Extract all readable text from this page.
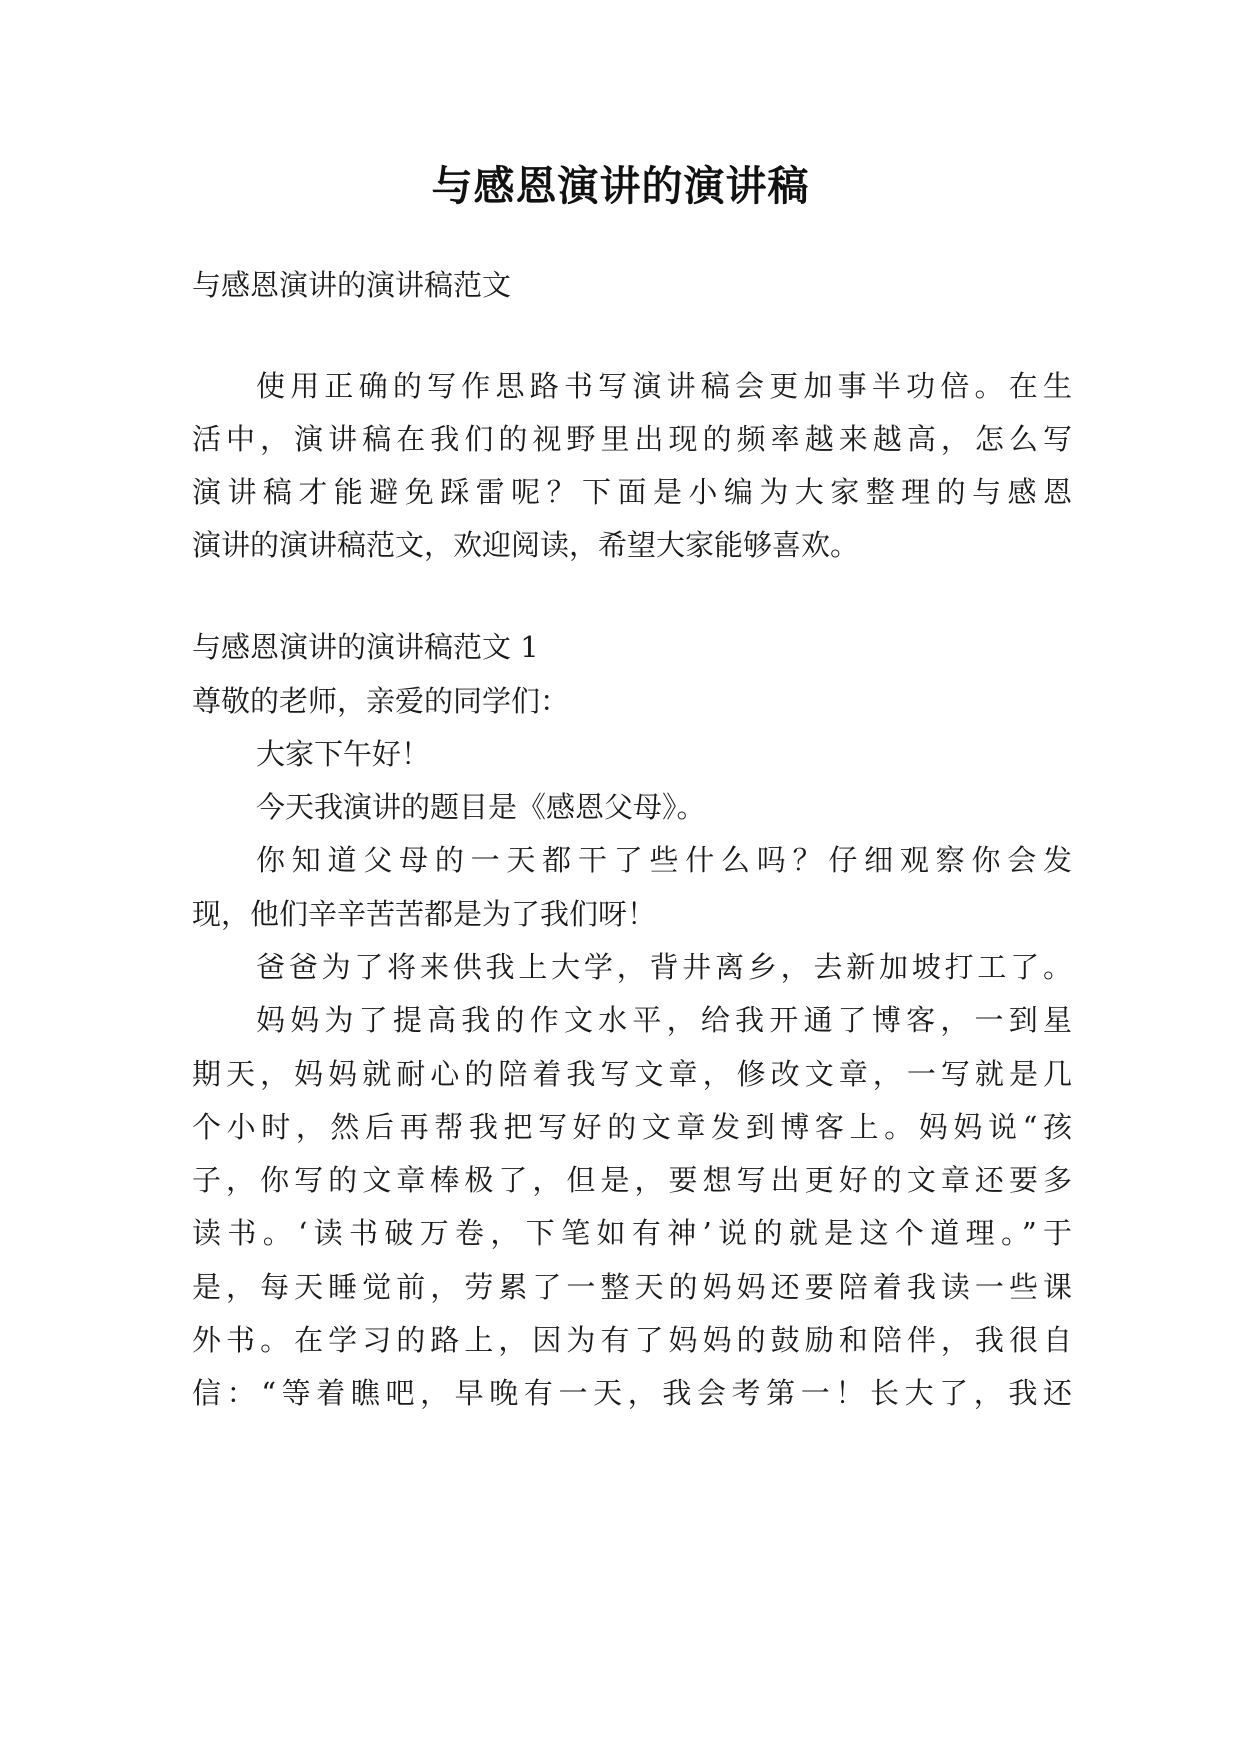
与感恩演讲的演讲稿
与感恩演讲的演讲稿范文
使用正确的写作思路书写演讲稿会更加事半功倍。在生
活中，演讲稿在我们的视野里出现的频率越来越高，怎么写
演讲稿才能避免踩雷呢？下面是小编为大家整理的与感恩
演讲的演讲稿范文，欢迎阅读，希望大家能够喜欢。
与感恩演讲的演讲稿范文 1
尊敬的老师，亲爱的同学们：
大家下午好！
今天我演讲的题目是《感恩父母》。
你知道父母的一天都干了些什么吗？仔细观察你会发
现，他们辛辛苦苦都是为了我们呀！
爸爸为了将来供我上大学，背井离乡，去新加坡打工了。
妈妈为了提高我的作文水平，给我开通了博客，一到星
期天，妈妈就耐心的陪着我写文章，修改文章，一写就是几
个小时，然后再帮我把写好的文章发到博客上。妈妈说“孩
子，你写的文章棒极了，但是，要想写出更好的文章还要多
读书。‘读书破万卷，下笔如有神’说的就是这个道理。”于
是，每天睡觉前，劳累了一整天的妈妈还要陪着我读一些课
外书。在学习的路上，因为有了妈妈的鼓励和陪伴，我很自
信：“等着瞧吧，早晚有一天，我会考第一！长大了，我还
